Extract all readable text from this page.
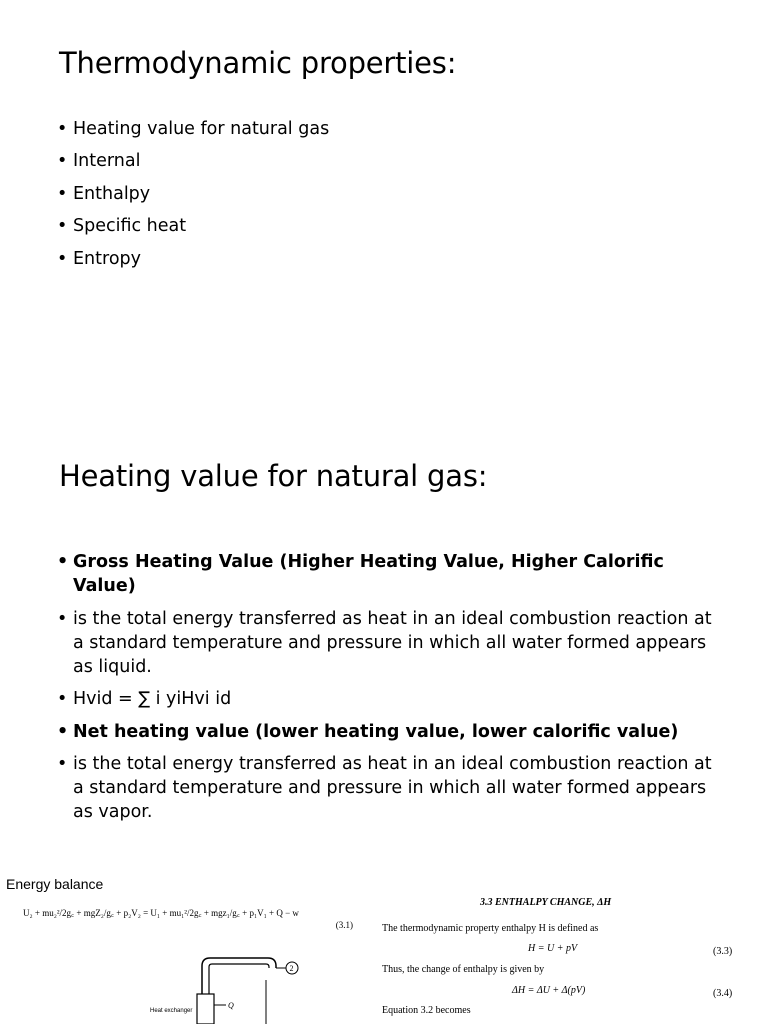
Thermodynamic properties:
• Heating value for natural gas
• Internal
• Enthalpy
• Specific heat
• Entropy
Heating value for natural gas:
• Gross Heating Value (Higher Heating Value, Higher Calorific Value)
• is the total energy transferred as heat in an ideal combustion reaction at a standard temperature and pressure in which all water formed appears as liquid.
• Hvid = ∑ i yiHvi id
• Net heating value (lower heating value, lower calorific value)
• is the total energy transferred as heat in an ideal combustion reaction at a standard temperature and pressure in which all water formed appears as vapor.
Energy balance
U₂ + mu₂²/2g꜀ + mgZ₂/g꜀ + p₂V₂ = U₁ + mu₁²/2g꜀ + mgz₁/g꜀ + p₁V₁ + Q − w
(3.1)
2
Q
Heat exchanger
3.3 ENTHALPY CHANGE, ΔH
The thermodynamic property enthalpy H is defined as
H = U + pV	(3.3)
Thus, the change of enthalpy is given by
ΔH = ΔU + Δ(pV)	(3.4)
Equation 3.2 becomes
